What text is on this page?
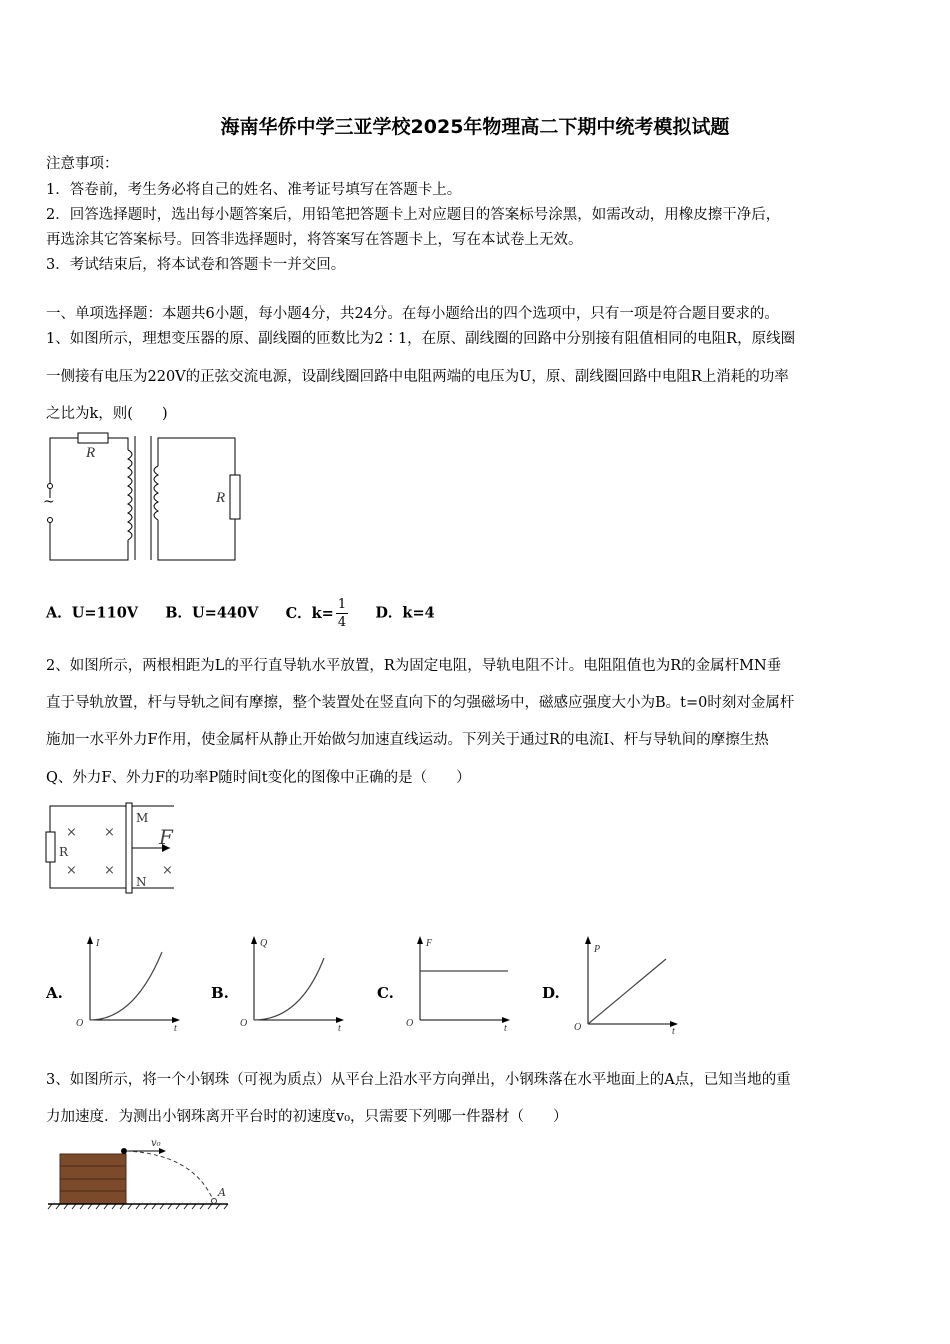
海南华侨中学三亚学校2025年物理高二下期中统考模拟试题
注意事项：
1．答卷前，考生务必将自己的姓名、准考证号填写在答题卡上。
2．回答选择题时，选出每小题答案后，用铅笔把答题卡上对应题目的答案标号涂黑，如需改动，用橡皮擦干净后，
再选涂其它答案标号。回答非选择题时，将答案写在答题卡上，写在本试卷上无效。
3．考试结束后，将本试卷和答题卡一并交回。
一、单项选择题：本题共6小题，每小题4分，共24分。在每小题给出的四个选项中，只有一项是符合题目要求的。
1、如图所示，理想变压器的原、副线圈的匝数比为2∶1，在原、副线圈的回路中分别接有阻值相同的电阻R，原线圈
一侧接有电压为220V的正弦交流电源，设副线圈回路中电阻两端的电压为U，原、副线圈回路中电阻R上消耗的功率
之比为k，则(　　)
R
~	R
A．U=110V B．U=440V C．$k= \frac{1}{4}$ D．k=4
2、如图所示，两根相距为L的平行直导轨水平放置，R为固定电阻，导轨电阻不计。电阻阻值也为R的金属杆MN垂
直于导轨放置，杆与导轨之间有摩擦，整个装置处在竖直向下的匀强磁场中，磁感应强度大小为B。t=0时刻对金属杆
施加一水平外力F作用，使金属杆从静止开始做匀加速直线运动。下列关于通过R的电流I、杆与导轨间的摩擦生热
Q、外力F、外力F的功率P随时间t变化的图像中正确的是（　　）
R
M
N
F
× ×
× ×	×
A.
I
t
O
B.
Q
t
O
C.
F
t
O
D.
P
t
O
3、如图所示，将一个小钢珠（可视为质点）从平台上沿水平方向弹出，小钢珠落在水平地面上的A点，已知当地的重
力加速度．为测出小钢珠离开平台时的初速度v₀，只需要下列哪一件器材（　　）
v₀
A
